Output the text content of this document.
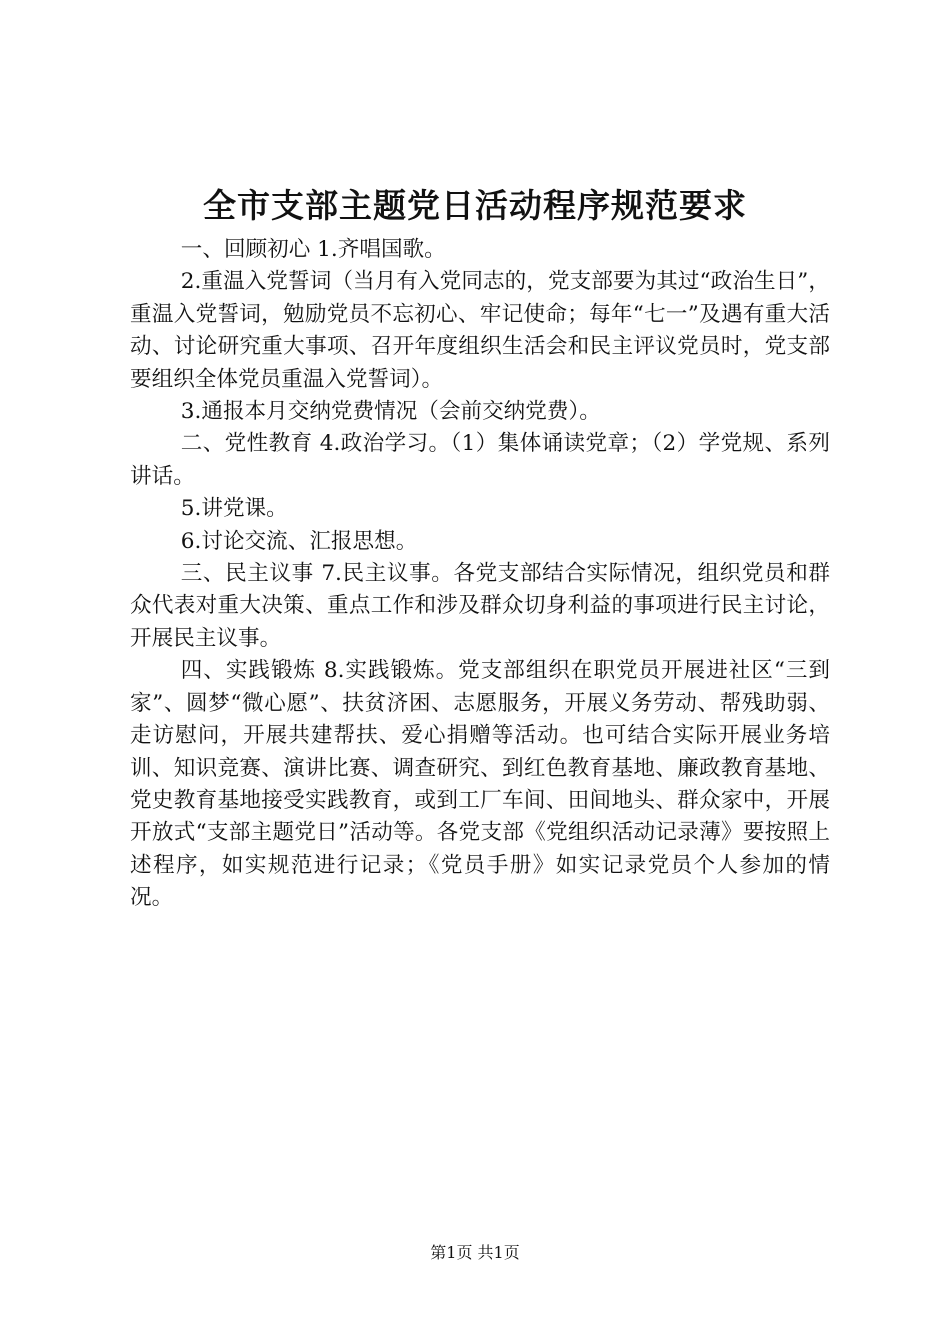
全市支部主题党日活动程序规范要求

一、回顾初心 1.齐唱国歌。

2.重温入党誓词（当月有入党同志的，党支部要为其过“政治生日”，重温入党誓词，勉励党员不忘初心、牢记使命；每年“七一”及遇有重大活动、讨论研究重大事项、召开年度组织生活会和民主评议党员时，党支部要组织全体党员重温入党誓词）。

3.通报本月交纳党费情况（会前交纳党费）。

二、党性教育 4.政治学习。（1）集体诵读党章；（2）学党规、系列讲话。

5.讲党课。

6.讨论交流、汇报思想。

三、民主议事 7.民主议事。各党支部结合实际情况，组织党员和群众代表对重大决策、重点工作和涉及群众切身利益的事项进行民主讨论，开展民主议事。

四、实践锻炼 8.实践锻炼。党支部组织在职党员开展进社区“三到家”、圆梦“微心愿”、扶贫济困、志愿服务，开展义务劳动、帮残助弱、走访慰问，开展共建帮扶、爱心捐赠等活动。也可结合实际开展业务培训、知识竞赛、演讲比赛、调查研究、到红色教育基地、廉政教育基地、党史教育基地接受实践教育，或到工厂车间、田间地头、群众家中，开展开放式“支部主题党日”活动等。各党支部《党组织活动记录薄》要按照上述程序，如实规范进行记录；《党员手册》如实记录党员个人参加的情况。

第1页 共1页
